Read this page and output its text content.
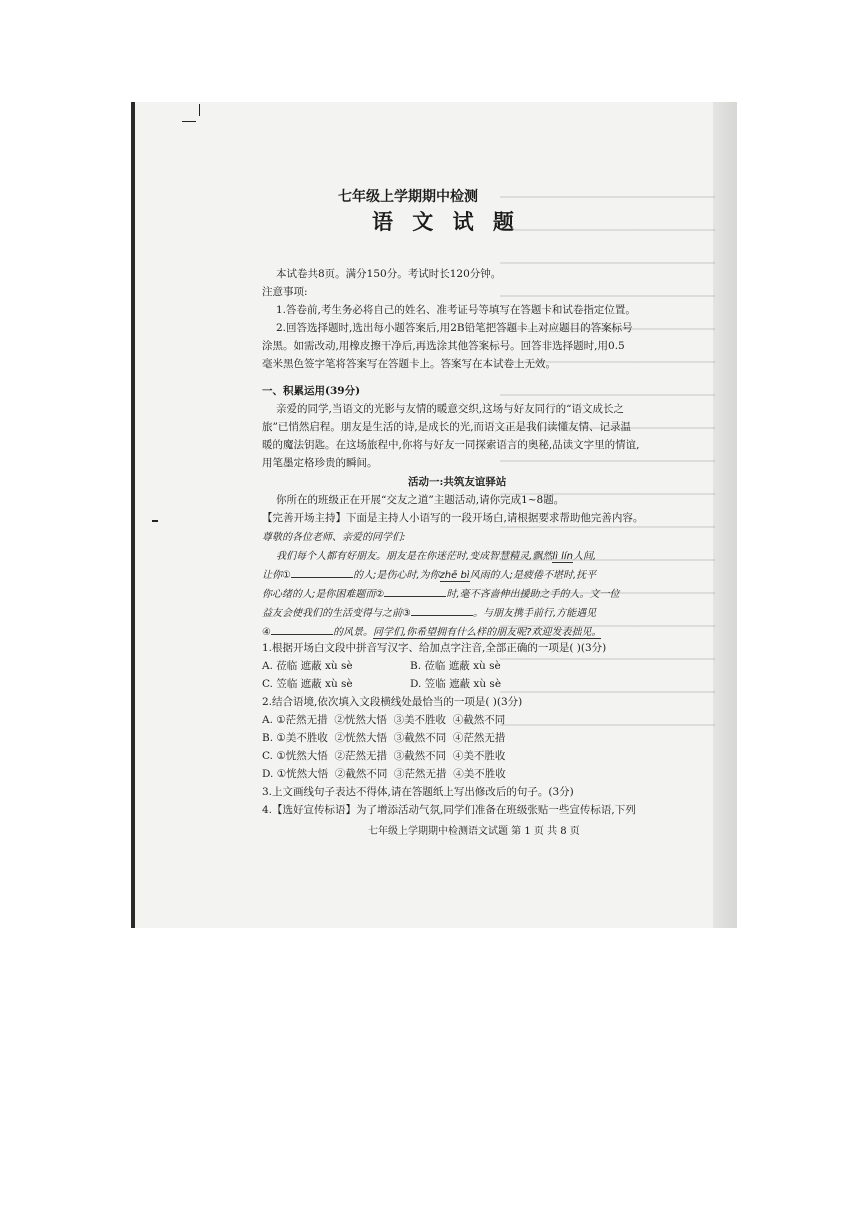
七年级上学期期中检测
语 文 试 题
本试卷共8页。满分150分。考试时长120分钟。
注意事项:
1.答卷前,考生务必将自己的姓名、准考证号等填写在答题卡和试卷指定位置。
2.回答选择题时,选出每小题答案后,用2B铅笔把答题卡上对应题目的答案标号
涂黑。如需改动,用橡皮擦干净后,再选涂其他答案标号。回答非选择题时,用0.5
毫米黑色签字笔将答案写在答题卡上。答案写在本试卷上无效。
一、积累运用(39分)
亲爱的同学,当语文的光影与友情的暖意交织,这场与好友同行的“语文成长之
旅”已悄然启程。朋友是生活的诗,是成长的光,而语文正是我们读懂友情、记录温
暖的魔法钥匙。在这场旅程中,你将与好友一同探索语言的奥秘,品读文字里的情谊,
用笔墨定格珍贵的瞬间。
活动一:共筑友谊驿站
你所在的班级正在开展“交友之道”主题活动,请你完成1~8题。
【完善开场主持】下面是主持人小语写的一段开场白,请根据要求帮助他完善内容。
尊敬的各位老师、亲爱的同学们:
我们每个人都有好朋友。朋友是在你迷茫时,变成智慧精灵,飘然lì lín人间,
让你①	的人;是伤心时,为你zhē bì风雨的人;是疲倦不堪时,抚平
你心绪的人;是你困难题而②	时,毫不吝啬伸出援助之手的人。文一位
益友会使我们的生活变得与之前③	。与朋友携手前行,方能遇见
④	的风景。同学们,你希望拥有什么样的朋友呢?欢迎发表拙见。
1.根据开场白文段中拼音写汉字、给加点字注音,全部正确的一项是( )(3分)
A. 莅临 遮蔽 xù sè	B. 莅临 遮蔽 xù sè
C. 笠临 遮蔽 xù sè	D. 笠临 遮蔽 xù sè
2.结合语境,依次填入文段横线处最恰当的一项是( )(3分)
A. ①茫然无措 ②恍然大悟 ③美不胜收 ④截然不同
B. ①美不胜收 ②恍然大悟 ③截然不同 ④茫然无措
C. ①恍然大悟 ②茫然无措 ③截然不同 ④美不胜收
D. ①恍然大悟 ②截然不同 ③茫然无措 ④美不胜收
3.上文画线句子表达不得体,请在答题纸上写出修改后的句子。(3分)
4.【选好宣传标语】为了增添活动气氛,同学们准备在班级张贴一些宣传标语,下列
七年级上学期期中检测语文试题 第 1 页 共 8 页
